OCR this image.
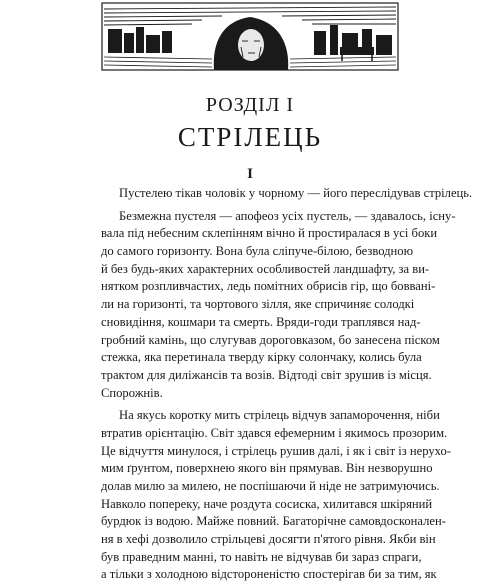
РОЗДІЛ І
СТРІЛЕЦЬ
I
Пустелею тікав чоловік у чорному — його переслідував стрілець.
Безмежна пустеля — апофеоз усіх пустель, — здавалось, існу-
вала під небесним склепінням вічно й простиралася в усі боки
до самого горизонту. Вона була сліпуче-білою, безводною
й без будь-яких характерних особливостей ландшафту, за ви-
нятком розпливчастих, ледь помітних обрисів гір, що бовванi-
ли на горизонті, та чортового зілля, яке спричиняє солодкі
сновидіння, кошмари та смерть. Вряди-годи траплявся над-
гробний камінь, що слугував дороговказом, бо занесена піском
стежка, яка перетинала тверду кірку солончаку, колись була
трактом для диліжансів та возів. Відтоді світ зрушив із місця.
Спорожнів.
На якусь коротку мить стрілець відчув запаморочення, ніби
втратив орієнтацію. Світ здався ефемерним і якимось прозорим.
Це відчуття минулося, і стрілець рушив далі, і як і світ із нерухо-
мим ґрунтом, поверхнею якого він прямував. Він незворушно
долав милю за милею, не поспішаючи й ніде не затримуючись.
Навколо попереку, наче роздута сосиска, хилитався шкіряний
бурдюк із водою. Майже повний. Багаторічне самовдосконален-
ня в хефі дозволило стрільцеві досягти п'ятого рівня. Якби він
був праведним манні, то навіть не відчував би зараз спраги,
а тільки з холодною відстороненістю спостерігав би за тим, як
